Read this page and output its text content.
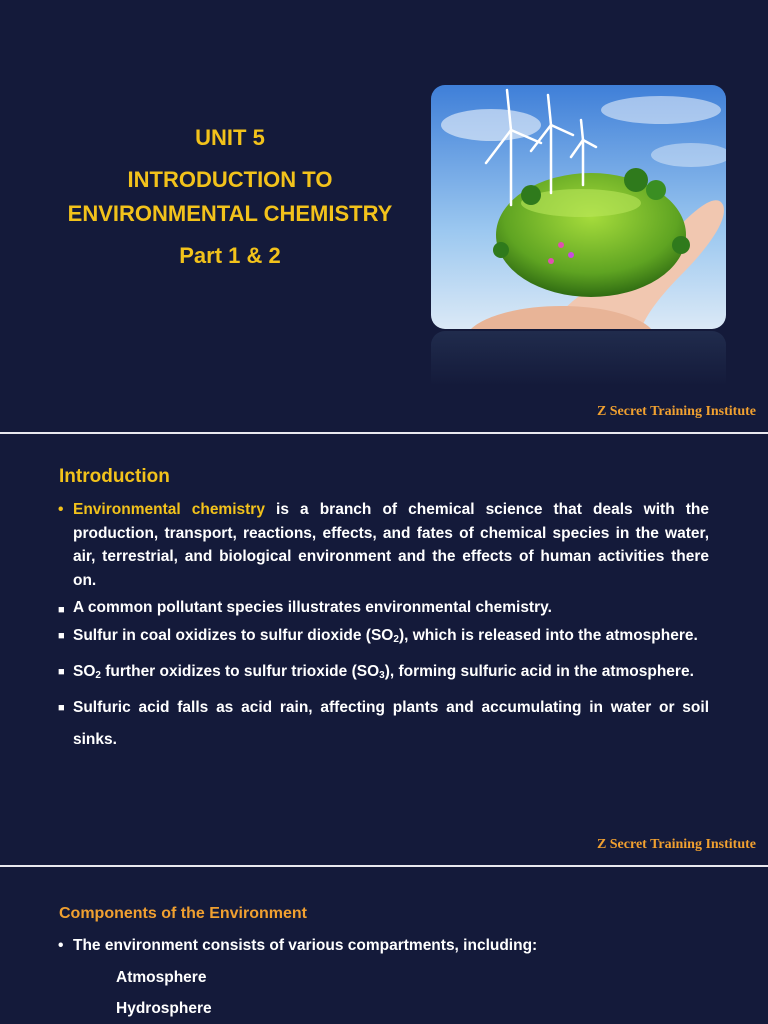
UNIT 5
INTRODUCTION TO
ENVIRONMENTAL CHEMISTRY
Part 1 & 2
Z Secret Training Institute
Introduction
• Environmental chemistry is a branch of chemical science that deals with the production, transport, reactions, effects, and fates of chemical species in the water, air, terrestrial, and biological environment and the effects of human activities there on.
■ A common pollutant species illustrates environmental chemistry.
■ Sulfur in coal oxidizes to sulfur dioxide $(SO_2)$, which is released into the atmosphere.
■ $SO_2$ further oxidizes to sulfur trioxide $(SO_3)$, forming sulfuric acid in the atmosphere.
■ Sulfuric acid falls as acid rain, affecting plants and accumulating in water or soil sinks.
Z Secret Training Institute
Components of the Environment
• The environment consists of various compartments, including:
Atmosphere
Hydrosphere
